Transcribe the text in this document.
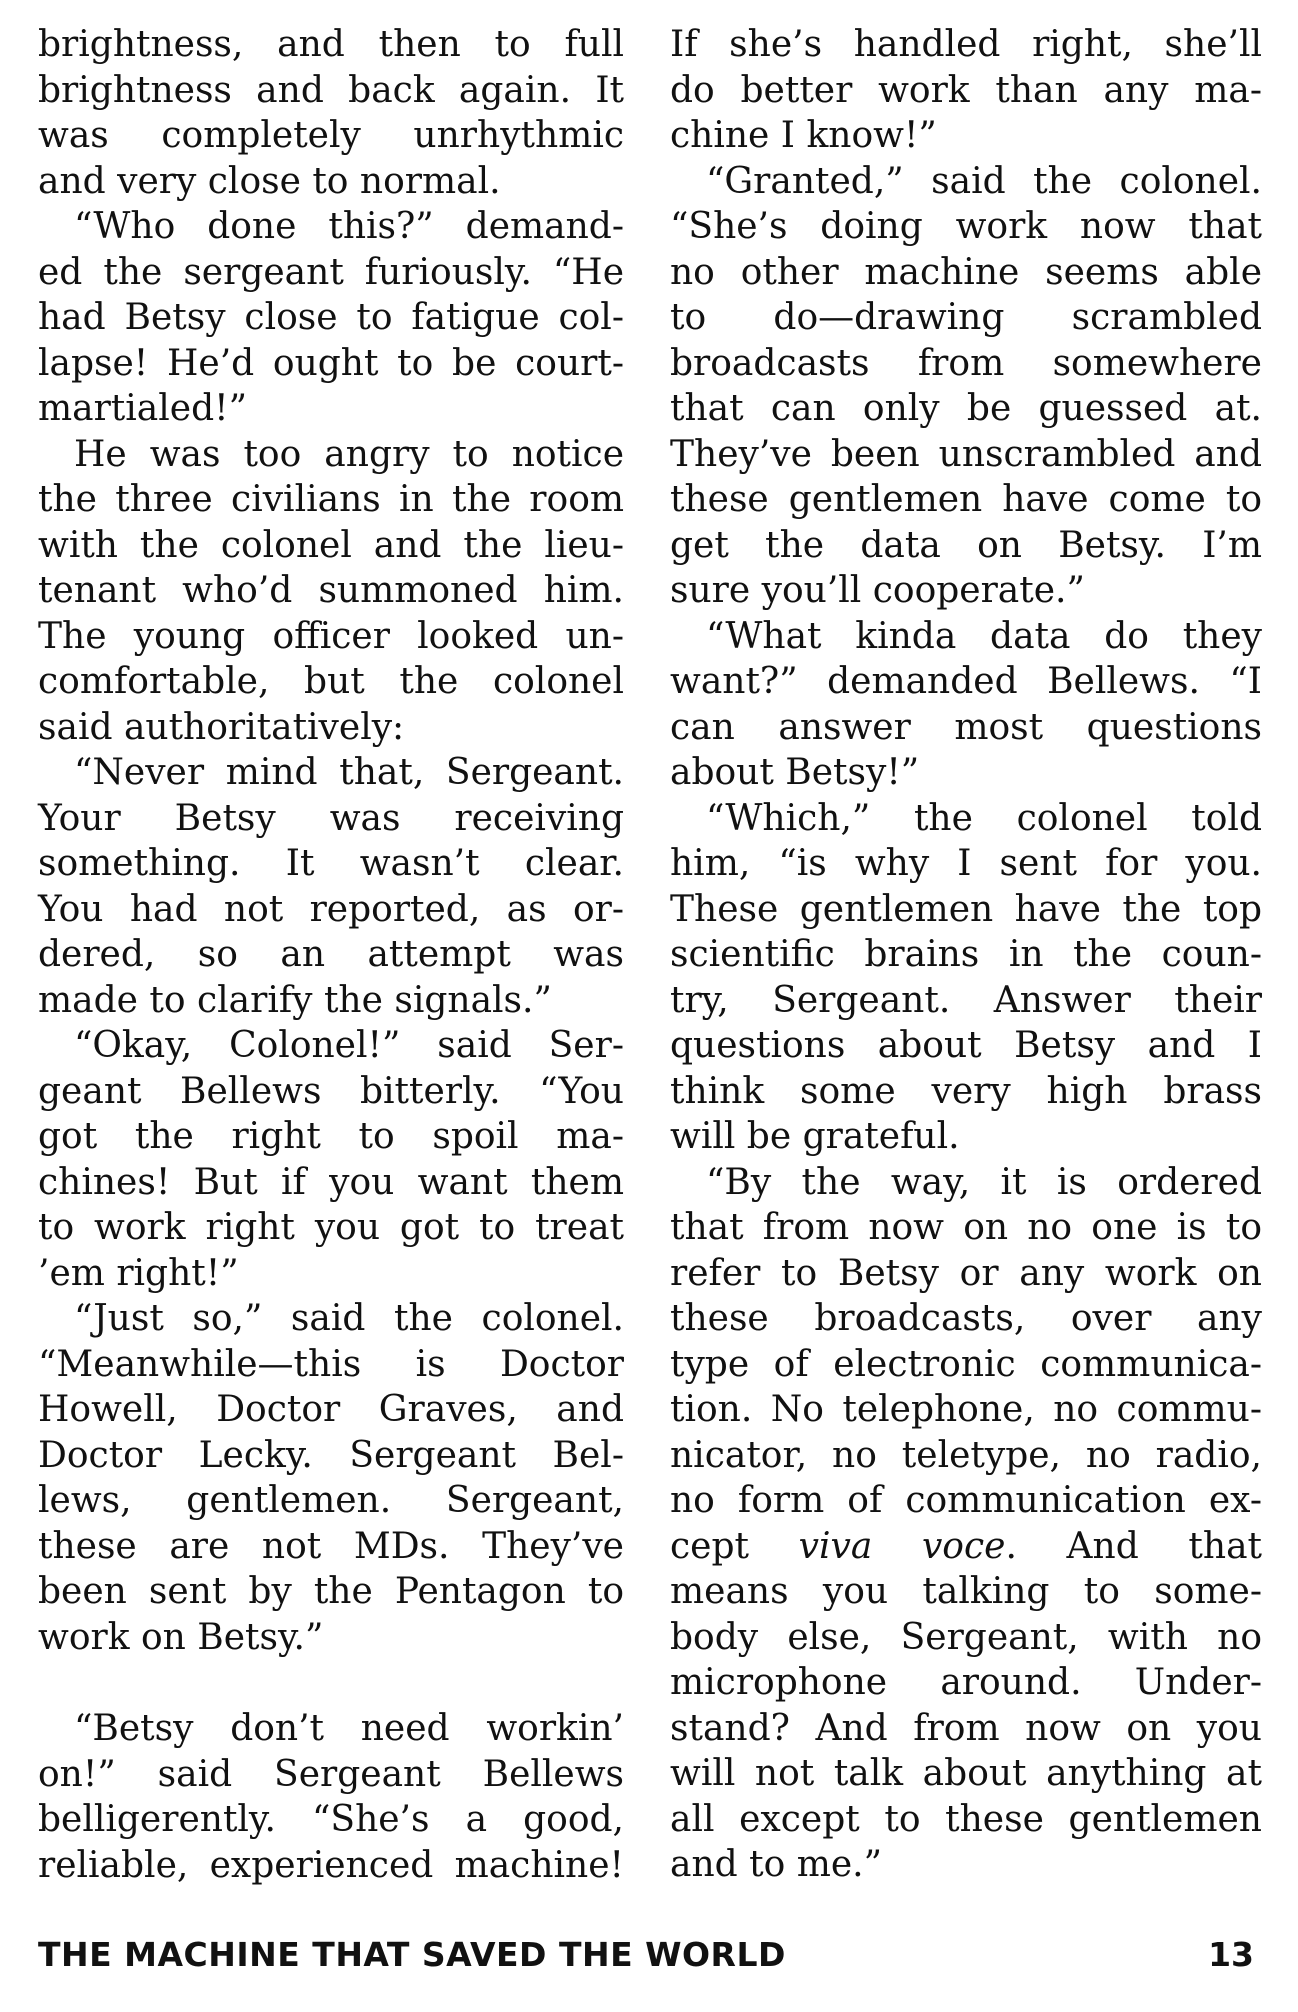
brightness, and then to full
brightness and back again. It
was completely unrhythmic
and very close to normal.
“Who done this?” demand-
ed the sergeant furiously. “He
had Betsy close to fatigue col-
lapse! He’d ought to be court-
martialed!”
He was too angry to notice
the three civilians in the room
with the colonel and the lieu-
tenant who’d summoned him.
The young officer looked un-
comfortable, but the colonel
said authoritatively:
“Never mind that, Sergeant.
Your Betsy was receiving
something. It wasn’t clear.
You had not reported, as or-
dered, so an attempt was
made to clarify the signals.”
“Okay, Colonel!” said Ser-
geant Bellews bitterly. “You
got the right to spoil ma-
chines! But if you want them
to work right you got to treat
’em right!”
“Just so,” said the colonel.
“Meanwhile—this is Doctor
Howell, Doctor Graves, and
Doctor Lecky. Sergeant Bel-
lews, gentlemen. Sergeant,
these are not MDs. They’ve
been sent by the Pentagon to
work on Betsy.”
“Betsy don’t need workin’
on!” said Sergeant Bellews
belligerently. “She’s a good,
reliable, experienced machine!
If she’s handled right, she’ll
do better work than any ma-
chine I know!”
“Granted,” said the colonel.
“She’s doing work now that
no other machine seems able
to do—drawing scrambled
broadcasts from somewhere
that can only be guessed at.
They’ve been unscrambled and
these gentlemen have come to
get the data on Betsy. I’m
sure you’ll cooperate.”
“What kinda data do they
want?” demanded Bellews. “I
can answer most questions
about Betsy!”
“Which,” the colonel told
him, “is why I sent for you.
These gentlemen have the top
scientific brains in the coun-
try, Sergeant. Answer their
questions about Betsy and I
think some very high brass
will be grateful.
“By the way, it is ordered
that from now on no one is to
refer to Betsy or any work on
these broadcasts, over any
type of electronic communica-
tion. No telephone, no commu-
nicator, no teletype, no radio,
no form of communication ex-
cept viva voce. And that
means you talking to some-
body else, Sergeant, with no
microphone around. Under-
stand? And from now on you
will not talk about anything at
all except to these gentlemen
and to me.”
THE MACHINE THAT SAVED THE WORLD	13
